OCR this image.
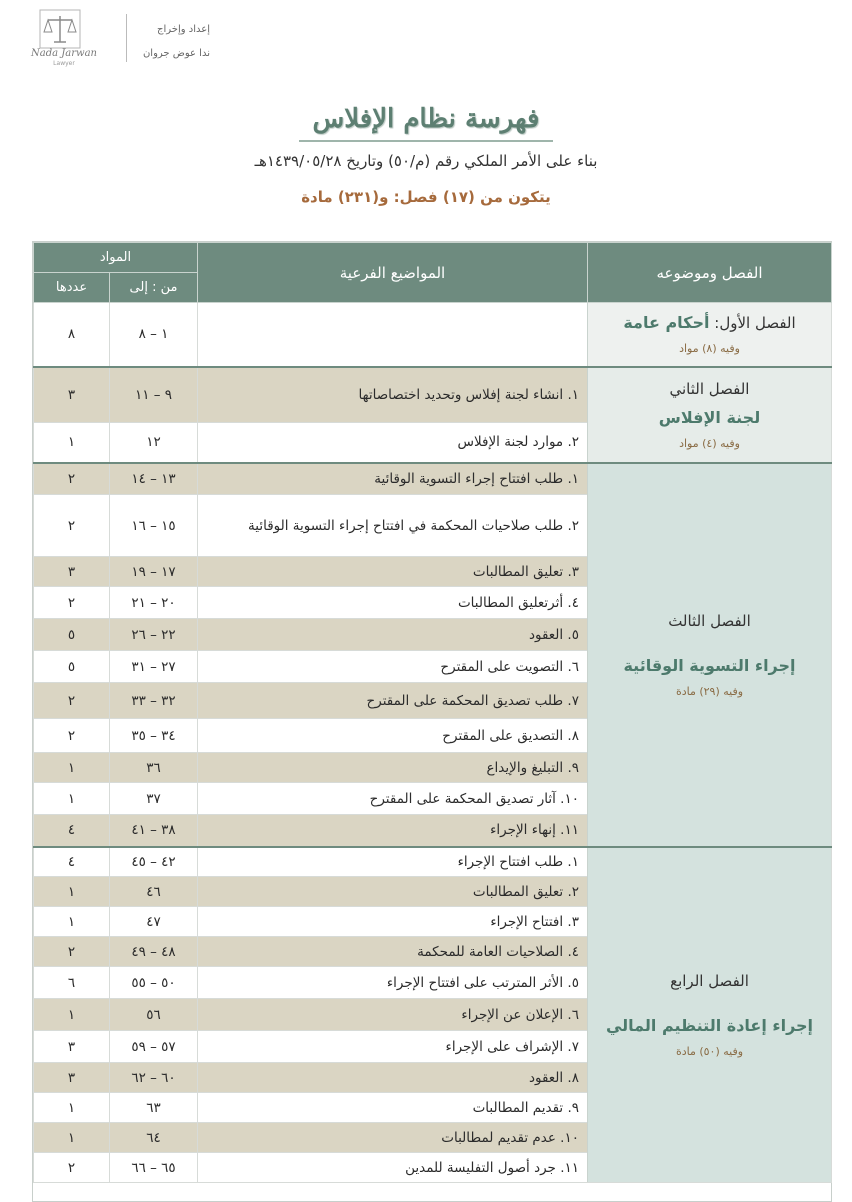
Nada Jarwan
Lawyer
إعداد وإخراج
ندا عوض جروان
فهرسة نظام الإفلاس
بناء على الأمر الملكي رقم (م/٥٠) وتاريخ ١٤٣٩/٠٥/٢٨هـ
يتكون من (١٧) فصل: و(٢٣١) مادة
الفصل وموضوعه	المواضيع الفرعية	المواد	
		من : إلى	عددها

الفصل الأول: أحكام عامة
وفيه (٨) مواد		١ – ٨	٨

الفصل الثاني
لجنة الإفلاس
وفيه (٤) مواد	١. انشاء لجنة إفلاس وتحديد اختصاصاتها	٩ – ١١	٣
	٢. موارد لجنة الإفلاس	١٢	١

الفصل الثالث
إجراء التسوية الوقائية
وفيه (٢٩) مادة	١. طلب افتتاح إجراء التسوية الوقائية	١٣ – ١٤	٢
	٢. طلب صلاحيات المحكمة في افتتاح إجراء التسوية الوقائية	١٥ – ١٦	٢
	٣. تعليق المطالبات	١٧ – ١٩	٣
	٤. أثرتعليق المطالبات	٢٠ – ٢١	٢
	٥. العقود	٢٢ – ٢٦	٥
	٦. التصويت على المقترح	٢٧ – ٣١	٥
	٧. طلب تصديق المحكمة على المقترح	٣٢ – ٣٣	٢
	٨. التصديق على المقترح	٣٤ – ٣٥	٢
	٩. التبليغ والإيداع	٣٦	١
	١٠. آثار تصديق المحكمة على المقترح	٣٧	١
	١١. إنهاء الإجراء	٣٨ – ٤١	٤

الفصل الرابع
إجراء إعادة التنظيم المالي
وفيه (٥٠) مادة	١. طلب افتتاح الإجراء	٤٢ – ٤٥	٤
	٢. تعليق المطالبات	٤٦	١
	٣. افتتاح الإجراء	٤٧	١
	٤. الصلاحيات العامة للمحكمة	٤٨ – ٤٩	٢
	٥. الأثر المترتب على افتتاح الإجراء	٥٠ – ٥٥	٦
	٦. الإعلان عن الإجراء	٥٦	١
	٧. الإشراف على الإجراء	٥٧ – ٥٩	٣
	٨. العقود	٦٠ – ٦٢	٣
	٩. تقديم المطالبات	٦٣	١
	١٠. عدم تقديم لمطالبات	٦٤	١
	١١. جرد أصول التفليسة للمدين	٦٥ – ٦٦	٢
